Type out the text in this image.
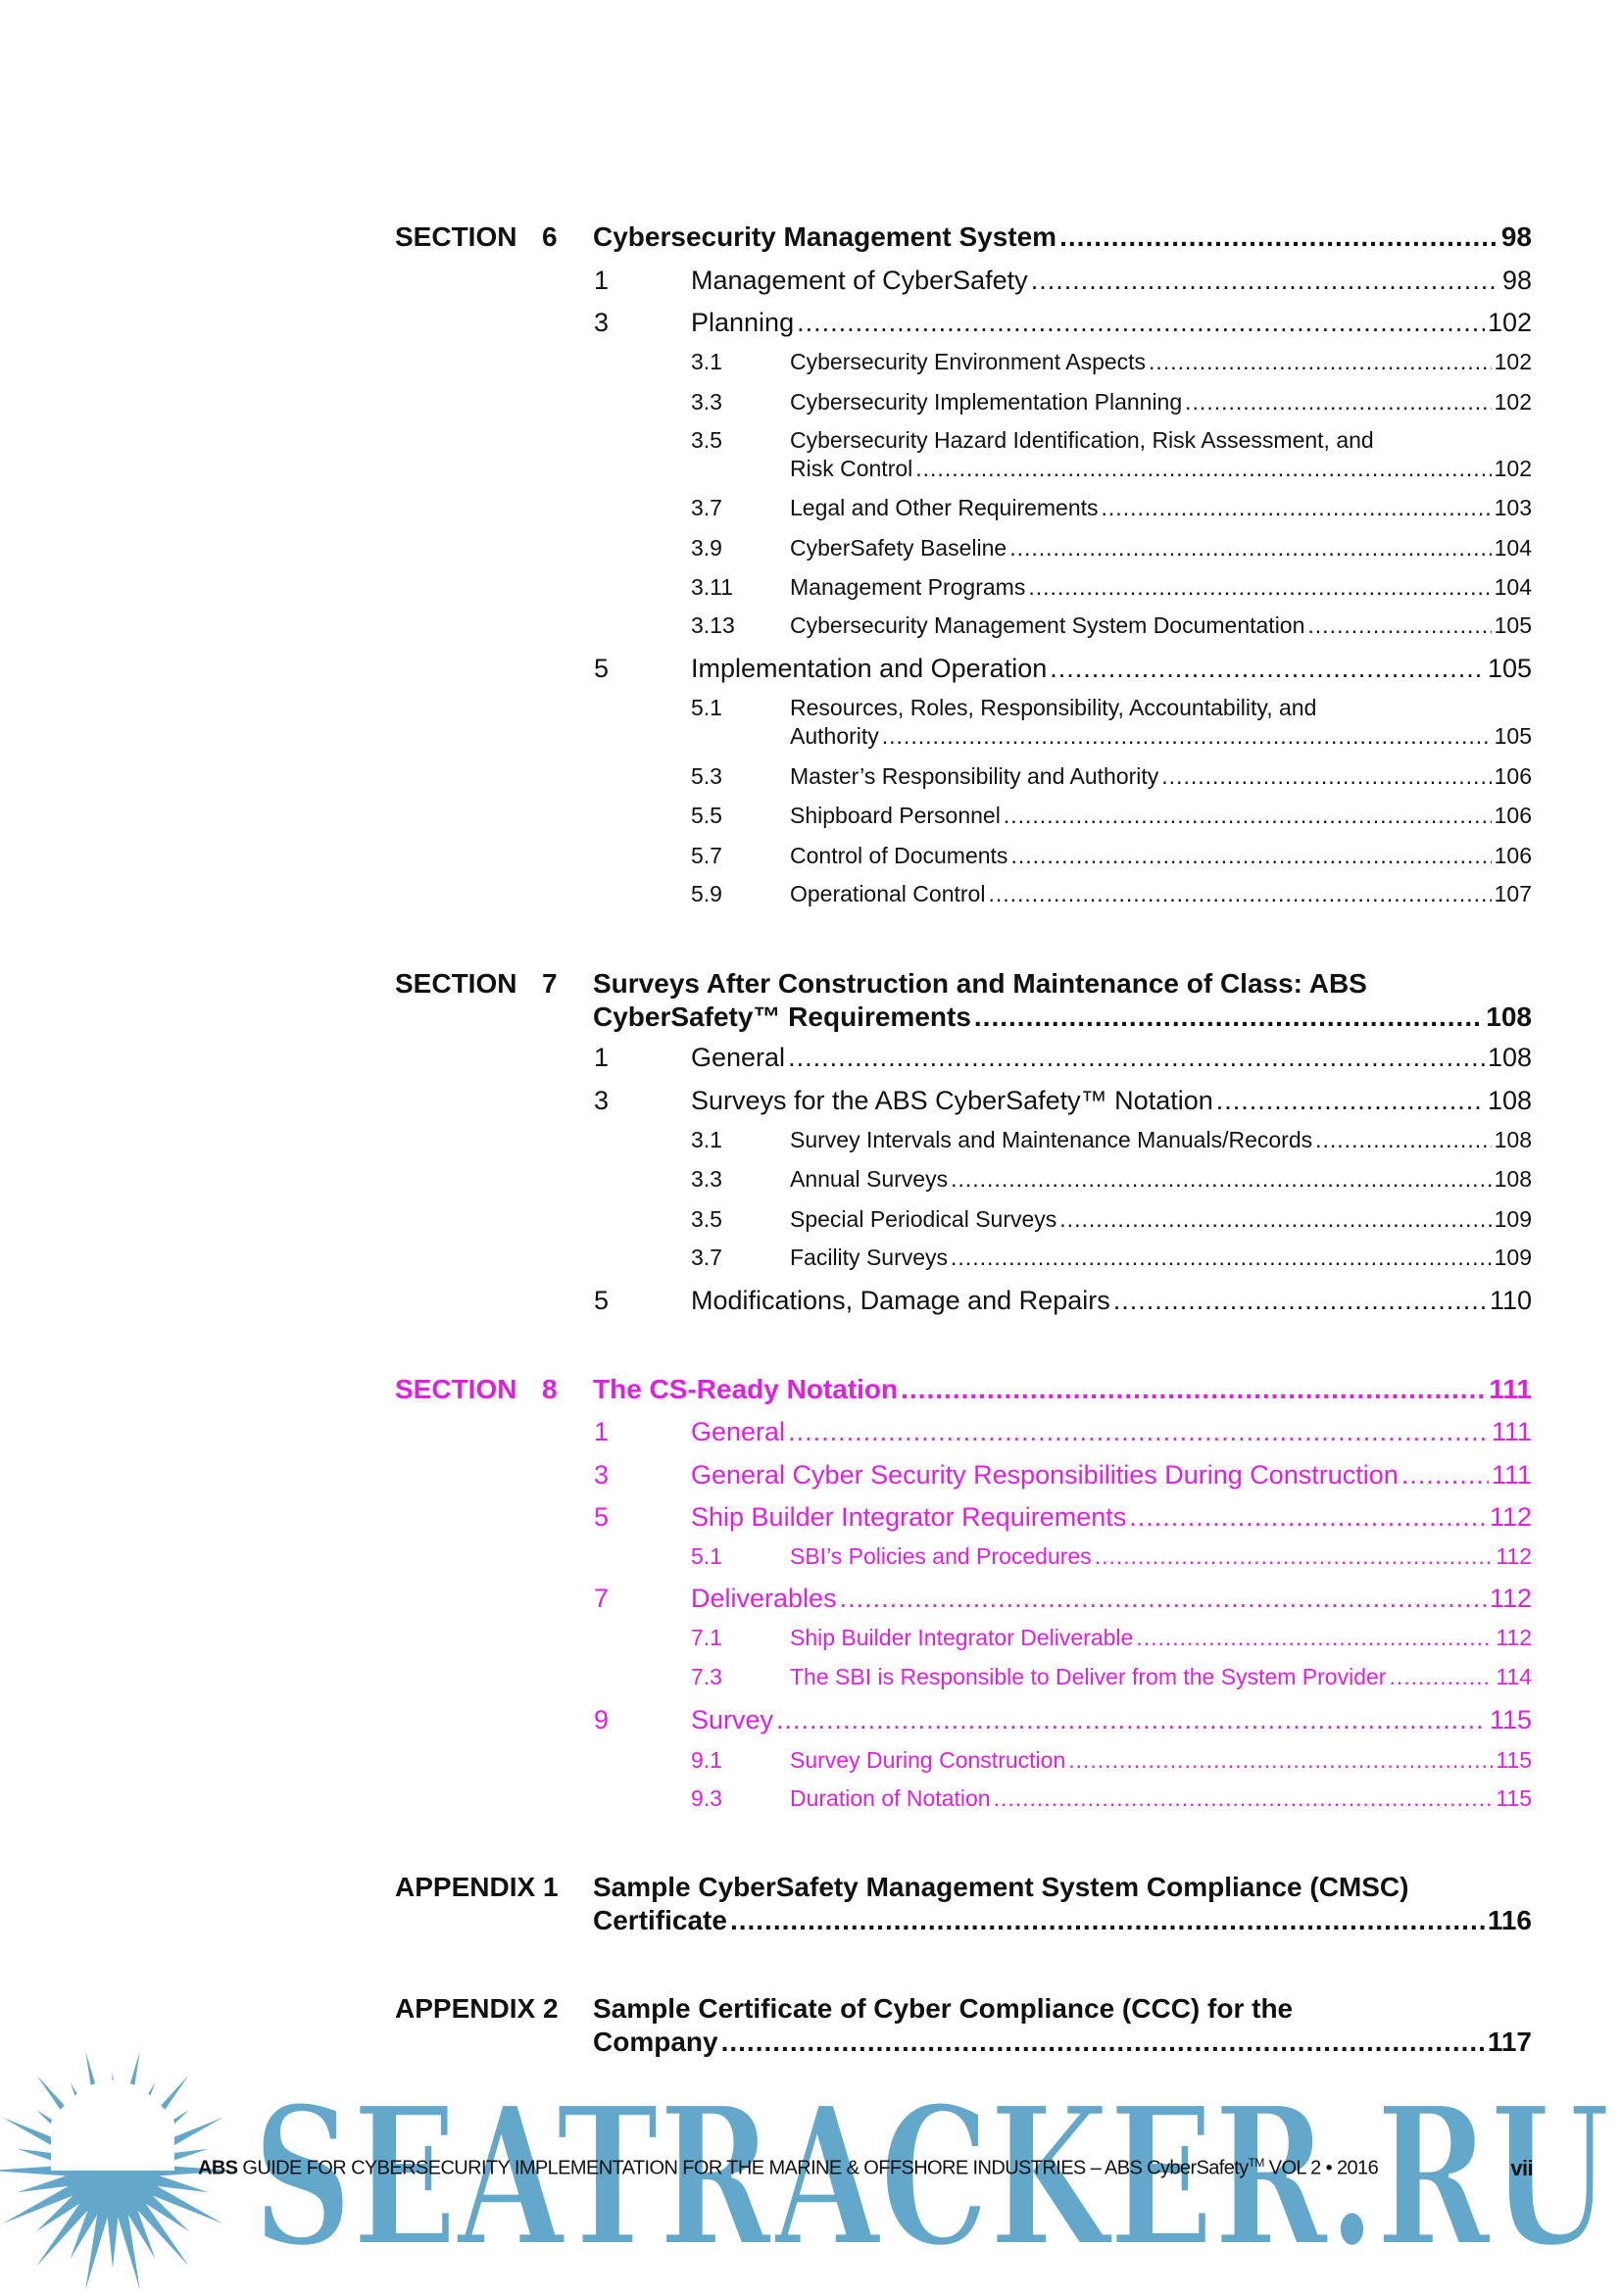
SECTION 6 Cybersecurity Management System .....	98
1	Management of CyberSafety .....	98
3	Planning .....	102
3.1	Cybersecurity Environment Aspects .....	102
3.3	Cybersecurity Implementation Planning .....	102
3.5	Cybersecurity Hazard Identification, Risk Assessment, and
Risk Control .....	102
3.7	Legal and Other Requirements .....	103
3.9	CyberSafety Baseline .....	104
3.11	Management Programs .....	104
3.13 Cybersecurity Management System Documentation .....	105
5	Implementation and Operation .....	105
5.1	Resources, Roles, Responsibility, Accountability, and
Authority .....	105
5.3	Master’s Responsibility and Authority .....	106
5.5	Shipboard Personnel .....	106
5.7	Control of Documents .....	106
5.9	Operational Control .....	107
SECTION 7 Surveys After Construction and Maintenance of Class: ABS
CyberSafety™ Requirements .....	108
1	General .....	108
3	Surveys for the ABS CyberSafety™ Notation .....	108
3.1	Survey Intervals and Maintenance Manuals/Records .....	108
3.3	Annual Surveys .....	108
3.5	Special Periodical Surveys .....	109
3.7	Facility Surveys .....	109
5	Modifications, Damage and Repairs .....	110
SECTION 8 The CS-Ready Notation .....	111
1	General .....	111
3	General Cyber Security Responsibilities During Construction .....	111
5	Ship Builder Integrator Requirements .....	112
5.1	SBI’s Policies and Procedures .....	112
7	Deliverables .....	112
7.1	Ship Builder Integrator Deliverable .....	112
7.3	The SBI is Responsible to Deliver from the System Provider .....	114
9	Survey .....	115
9.1	Survey During Construction .....	115
9.3	Duration of Notation .....	115
APPENDIX 1 Sample CyberSafety Management System Compliance (CMSC)
Certificate .....	116
APPENDIX 2 Sample Certificate of Cyber Compliance (CCC) for the
Company .....	117
SEATRACKER.RU
ABS GUIDE FOR CYBERSECURITY IMPLEMENTATION FOR THE MARINE & OFFSHORE INDUSTRIES – ABS CyberSafety™ VOL 2 • 2016	vii
